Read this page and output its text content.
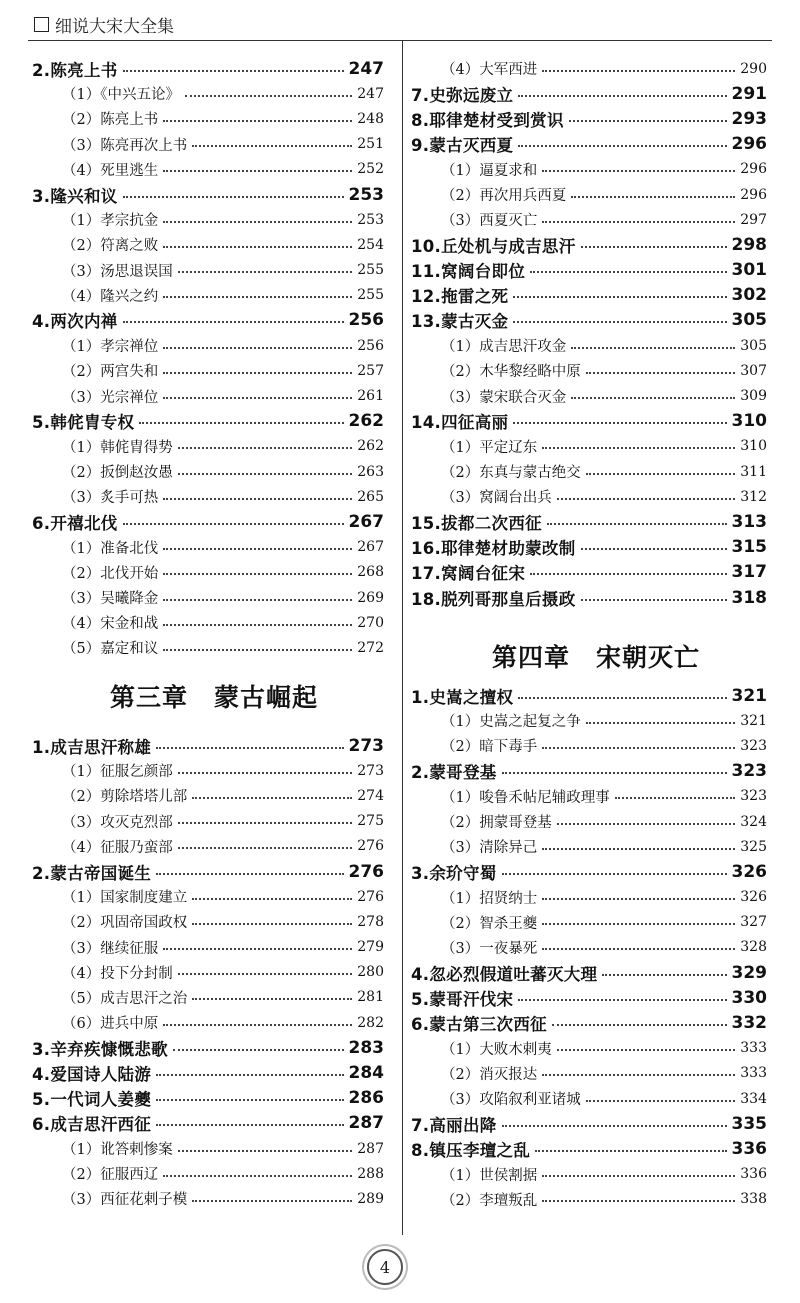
细说大宋大全集
2.陈亮上书	247
（1）《中兴五论》	247
（2）陈亮上书	248
（3）陈亮再次上书	251
（4）死里逃生	252
3.隆兴和议	253
（1）孝宗抗金	253
（2）符离之败	254
（3）汤思退误国	255
（4）隆兴之约	255
4.两次内禅	256
（1）孝宗禅位	256
（2）两宫失和	257
（3）光宗禅位	261
5.韩侂胄专权	262
（1）韩侂胄得势	262
（2）扳倒赵汝愚	263
（3）炙手可热	265
6.开禧北伐	267
（1）准备北伐	267
（2）北伐开始	268
（3）吴曦降金	269
（4）宋金和战	270
（5）嘉定和议	272
第三章　蒙古崛起
1.成吉思汗称雄	273
（1）征服乞颜部	273
（2）剪除塔塔儿部	274
（3）攻灭克烈部	275
（4）征服乃蛮部	276
2.蒙古帝国诞生	276
（1）国家制度建立	276
（2）巩固帝国政权	278
（3）继续征服	279
（4）投下分封制	280
（5）成吉思汗之治	281
（6）进兵中原	282
3.辛弃疾慷慨悲歌	283
4.爱国诗人陆游	284
5.一代词人姜夔	286
6.成吉思汗西征	287
（1）讹答剌惨案	287
（2）征服西辽	288
（3）西征花剌子模	289
（4）大军西进	290
7.史弥远废立	291
8.耶律楚材受到赏识	293
9.蒙古灭西夏	296
（1）逼夏求和	296
（2）再次用兵西夏	296
（3）西夏灭亡	297
10.丘处机与成吉思汗	298
11.窝阔台即位	301
12.拖雷之死	302
13.蒙古灭金	305
（1）成吉思汗攻金	305
（2）木华黎经略中原	307
（3）蒙宋联合灭金	309
14.四征高丽	310
（1）平定辽东	310
（2）东真与蒙古绝交	311
（3）窝阔台出兵	312
15.拔都二次西征	313
16.耶律楚材助蒙改制	315
17.窝阔台征宋	317
18.脱列哥那皇后摄政	318
第四章　宋朝灭亡
1.史嵩之擅权	321
（1）史嵩之起复之争	321
（2）暗下毒手	323
2.蒙哥登基	323
（1）唆鲁禾帖尼辅政理事	323
（2）拥蒙哥登基	324
（3）清除异己	325
3.余玠守蜀	326
（1）招贤纳士	326
（2）智杀王夔	327
（3）一夜暴死	328
4.忽必烈假道吐蕃灭大理	329
5.蒙哥汗伐宋	330
6.蒙古第三次西征	332
（1）大败木剌夷	333
（2）消灭报达	333
（3）攻陷叙利亚诸城	334
7.高丽出降	335
8.镇压李璮之乱	336
（1）世侯割据	336
（2）李璮叛乱	338
4
